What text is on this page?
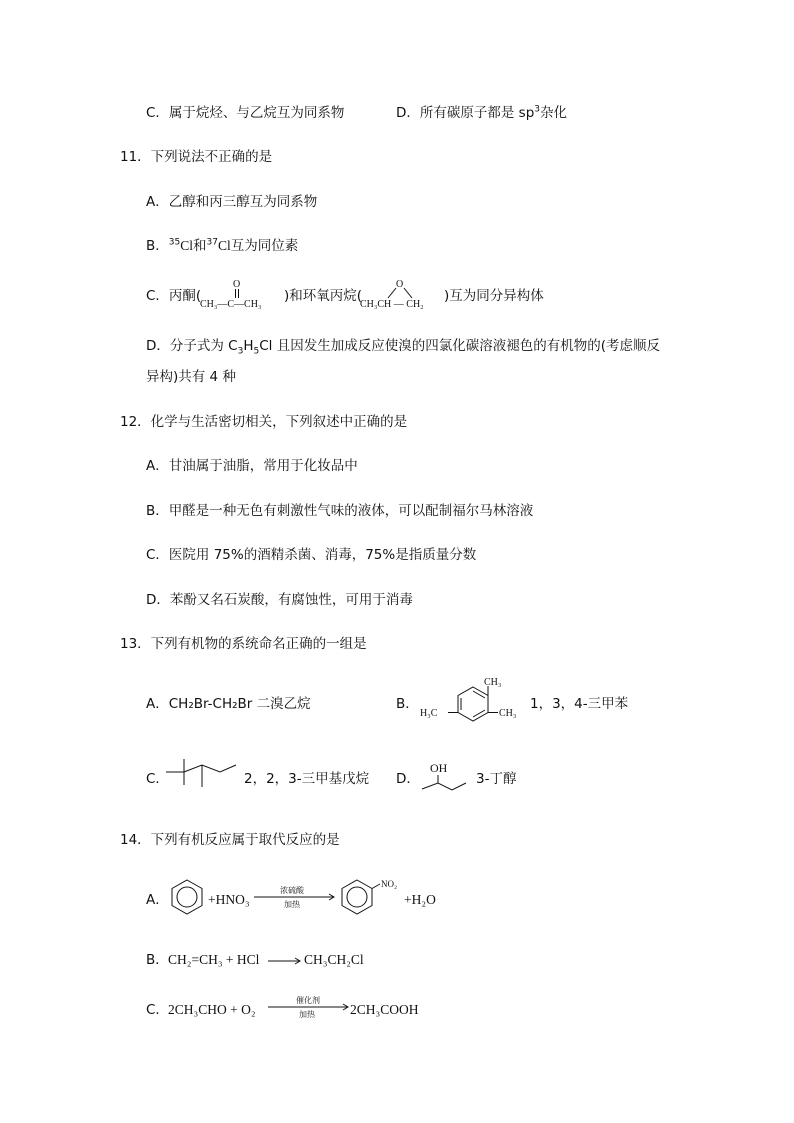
C．属于烷烃、与乙烷互为同系物	D．所有碳原子都是 $sp^3$杂化
11．下列说法不正确的是
A．乙醇和丙三醇互为同系物
B．$^{35}$Cl和$^{37}$Cl互为同位素
C．丙酮(
O
CH₃—C—CH₃
)和环氧丙烷(
O
CH₃CH — CH₂
)互为同分异构体
D．分子式为 $C_3H_5Cl$ 且因发生加成反应使溴的四氯化碳溶液褪色的有机物的(考虑顺反
异构)共有 4 种
12．化学与生活密切相关，下列叙述中正确的是
A．甘油属于油脂，常用于化妆品中
B．甲醛是一种无色有刺激性气味的液体，可以配制福尔马林溶液
C．医院用 75%的酒精杀菌、消毒，75%是指质量分数
D．苯酚又名石炭酸，有腐蚀性，可用于消毒
13．下列有机物的系统命名正确的一组是
A．CH₂Br-CH₂Br 二溴乙烷	B．
CH₃
H₃C	CH₃
1，3，4-三甲苯
C．	2，2，3-三甲基戊烷 D．
OH
3-丁醇
14．下列有机反应属于取代反应的是
A．	+HNO₃
浓硫酸
加热
NO₂
+H₂O
B． CH₂=CH₃ + HCl	CH₃CH₂Cl
C． 2CH₃CHO + O₂
催化剂
加热	2CH₃COOH
